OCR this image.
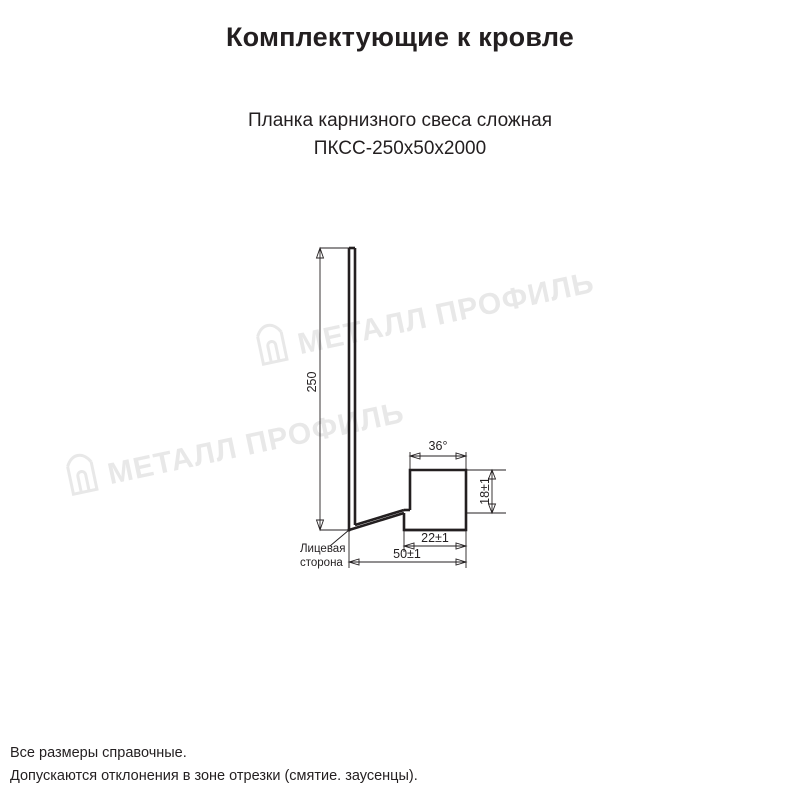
Комплектующие к кровле
Планка карнизного свеса сложная
ПКСС-250х50х2000
МЕТАЛЛ ПРОФИЛЬ
МЕТАЛЛ ПРОФИЛЬ
250
36°
18±1
22±1
50±1
Лицевая
сторона
Все размеры справочные.
Допускаются отклонения в зоне отрезки (смятие. заусенцы).
